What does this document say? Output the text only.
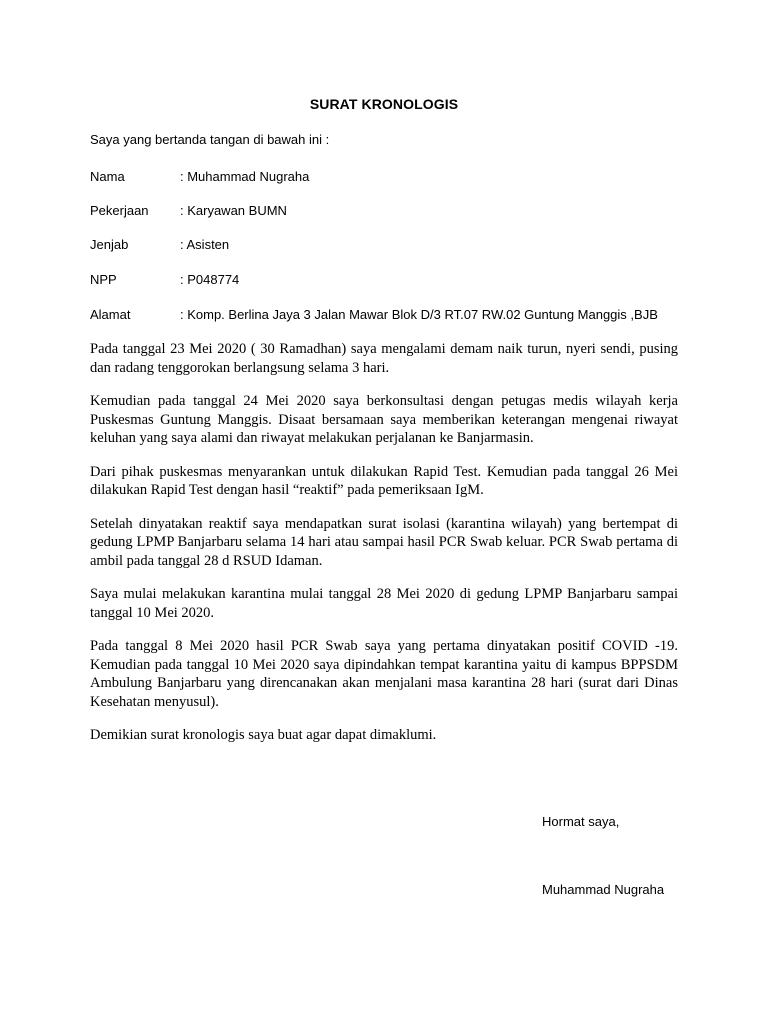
SURAT KRONOLOGIS
Saya yang bertanda tangan di bawah ini :
Nama	: Muhammad Nugraha
Pekerjaan : Karyawan BUMN
Jenjab	: Asisten
NPP	: P048774
Alamat	: Komp. Berlina Jaya 3 Jalan Mawar Blok D/3 RT.07 RW.02 Guntung Manggis ,BJB

Pada tanggal 23 Mei 2020 ( 30 Ramadhan) saya mengalami demam naik turun, nyeri sendi, pusing dan radang tenggorokan berlangsung selama 3 hari.

Kemudian pada tanggal 24 Mei 2020 saya berkonsultasi dengan petugas medis wilayah kerja Puskesmas Guntung Manggis. Disaat bersamaan saya memberikan keterangan mengenai riwayat keluhan yang saya alami dan riwayat melakukan perjalanan ke Banjarmasin.

Dari pihak puskesmas menyarankan untuk dilakukan Rapid Test. Kemudian pada tanggal 26 Mei dilakukan Rapid Test dengan hasil “reaktif” pada pemeriksaan IgM.

Setelah dinyatakan reaktif saya mendapatkan surat isolasi (karantina wilayah) yang bertempat di gedung LPMP Banjarbaru selama 14 hari atau sampai hasil PCR Swab keluar. PCR Swab pertama di ambil pada tanggal 28 d RSUD Idaman.

Saya mulai melakukan karantina mulai tanggal 28 Mei 2020 di gedung LPMP Banjarbaru sampai tanggal 10 Mei 2020.

Pada tanggal 8 Mei 2020 hasil PCR Swab saya yang pertama dinyatakan positif COVID -19. Kemudian pada tanggal 10 Mei 2020 saya dipindahkan tempat karantina yaitu di kampus BPPSDM Ambulung Banjarbaru yang direncanakan akan menjalani masa karantina 28 hari (surat dari Dinas Kesehatan menyusul).

Demikian surat kronologis saya buat agar dapat dimaklumi.

Hormat saya,
Muhammad Nugraha
